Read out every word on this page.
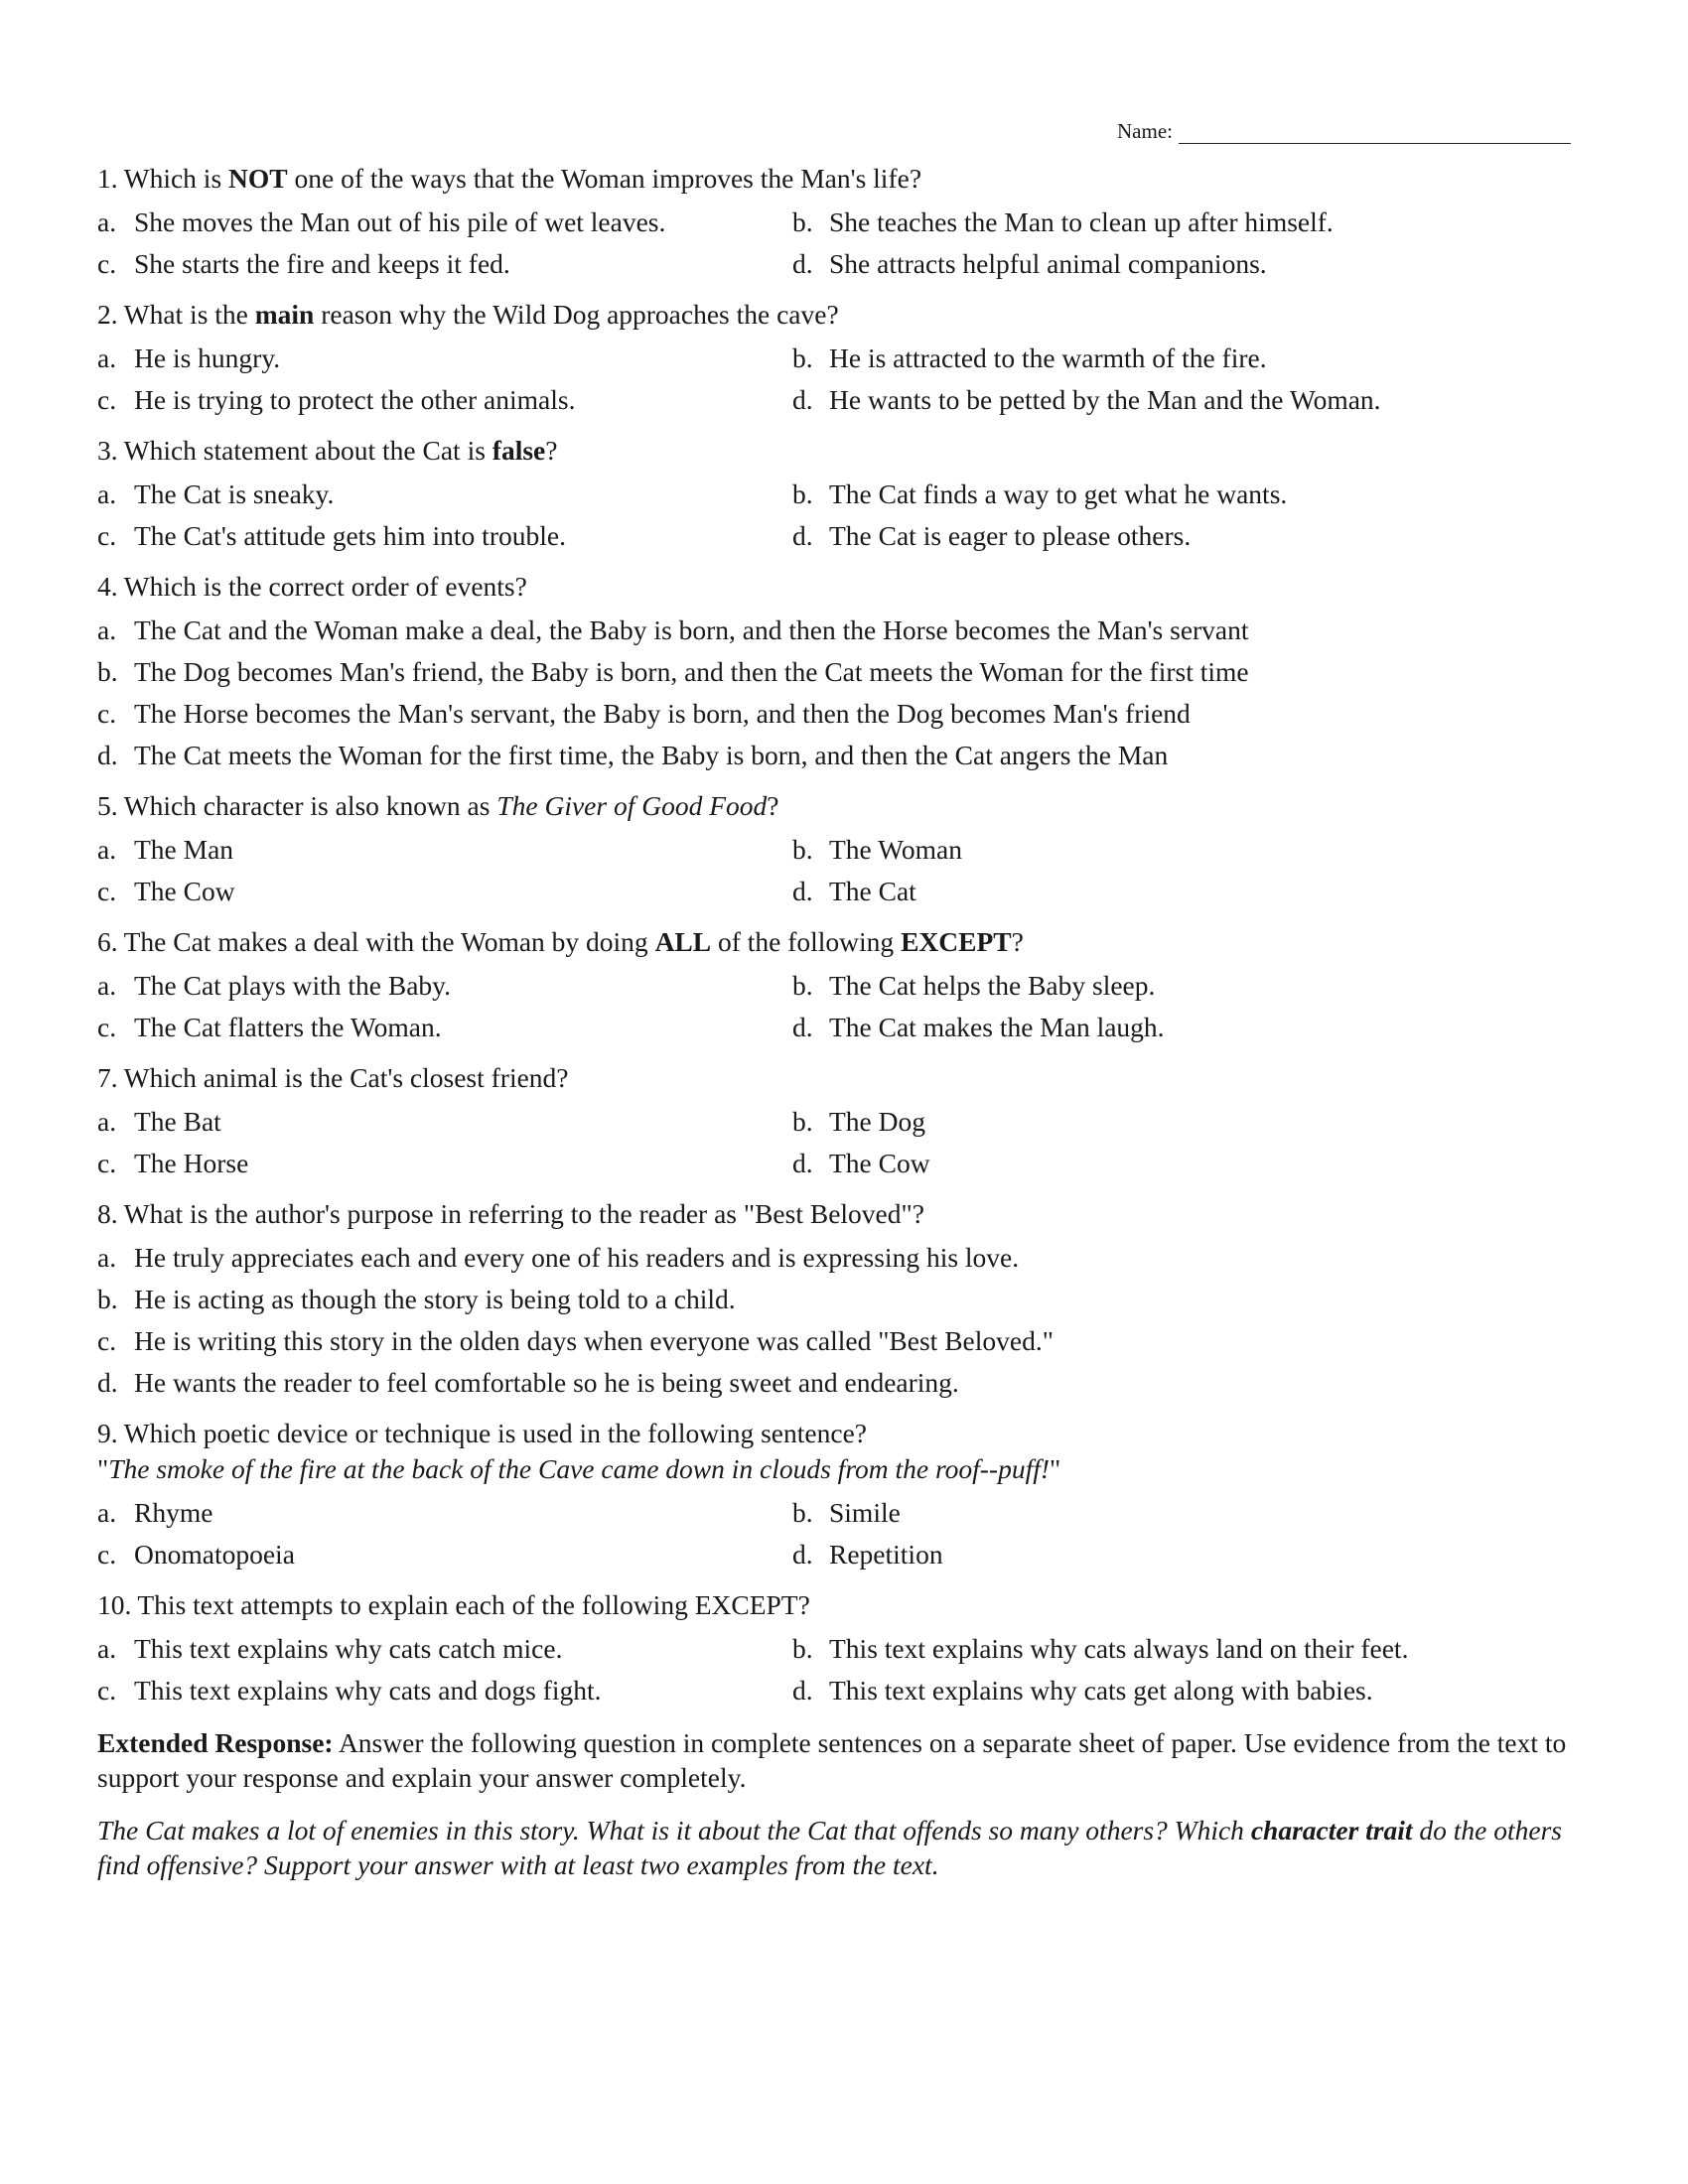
Name:
1. Which is NOT one of the ways that the Woman improves the Man's life?
a. She moves the Man out of his pile of wet leaves.	b. She teaches the Man to clean up after himself.
c. She starts the fire and keeps it fed.	d. She attracts helpful animal companions.
2. What is the main reason why the Wild Dog approaches the cave?
a. He is hungry.	b. He is attracted to the warmth of the fire.
c. He is trying to protect the other animals.	d. He wants to be petted by the Man and the Woman.
3. Which statement about the Cat is false?
a. The Cat is sneaky.	b. The Cat finds a way to get what he wants.
c. The Cat's attitude gets him into trouble.	d. The Cat is eager to please others.
4. Which is the correct order of events?
a. The Cat and the Woman make a deal, the Baby is born, and then the Horse becomes the Man's servant
b. The Dog becomes Man's friend, the Baby is born, and then the Cat meets the Woman for the first time
c. The Horse becomes the Man's servant, the Baby is born, and then the Dog becomes Man's friend
d. The Cat meets the Woman for the first time, the Baby is born, and then the Cat angers the Man
5. Which character is also known as The Giver of Good Food?
a. The Man	b. The Woman
c. The Cow	d. The Cat
6. The Cat makes a deal with the Woman by doing ALL of the following EXCEPT?
a. The Cat plays with the Baby.	b. The Cat helps the Baby sleep.
c. The Cat flatters the Woman.	d. The Cat makes the Man laugh.
7. Which animal is the Cat's closest friend?
a. The Bat	b. The Dog
c. The Horse	d. The Cow
8. What is the author's purpose in referring to the reader as "Best Beloved"?
a. He truly appreciates each and every one of his readers and is expressing his love.
b. He is acting as though the story is being told to a child.
c. He is writing this story in the olden days when everyone was called "Best Beloved."
d. He wants the reader to feel comfortable so he is being sweet and endearing.
9. Which poetic device or technique is used in the following sentence?
"The smoke of the fire at the back of the Cave came down in clouds from the roof--puff!"
a. Rhyme	b. Simile
c. Onomatopoeia	d. Repetition
10. This text attempts to explain each of the following EXCEPT?
a. This text explains why cats catch mice.	b. This text explains why cats always land on their feet.
c. This text explains why cats and dogs fight.	d. This text explains why cats get along with babies.
Extended Response: Answer the following question in complete sentences on a separate sheet of paper. Use evidence from the text to support your response and explain your answer completely.
The Cat makes a lot of enemies in this story. What is it about the Cat that offends so many others? Which character trait do the others find offensive? Support your answer with at least two examples from the text.
